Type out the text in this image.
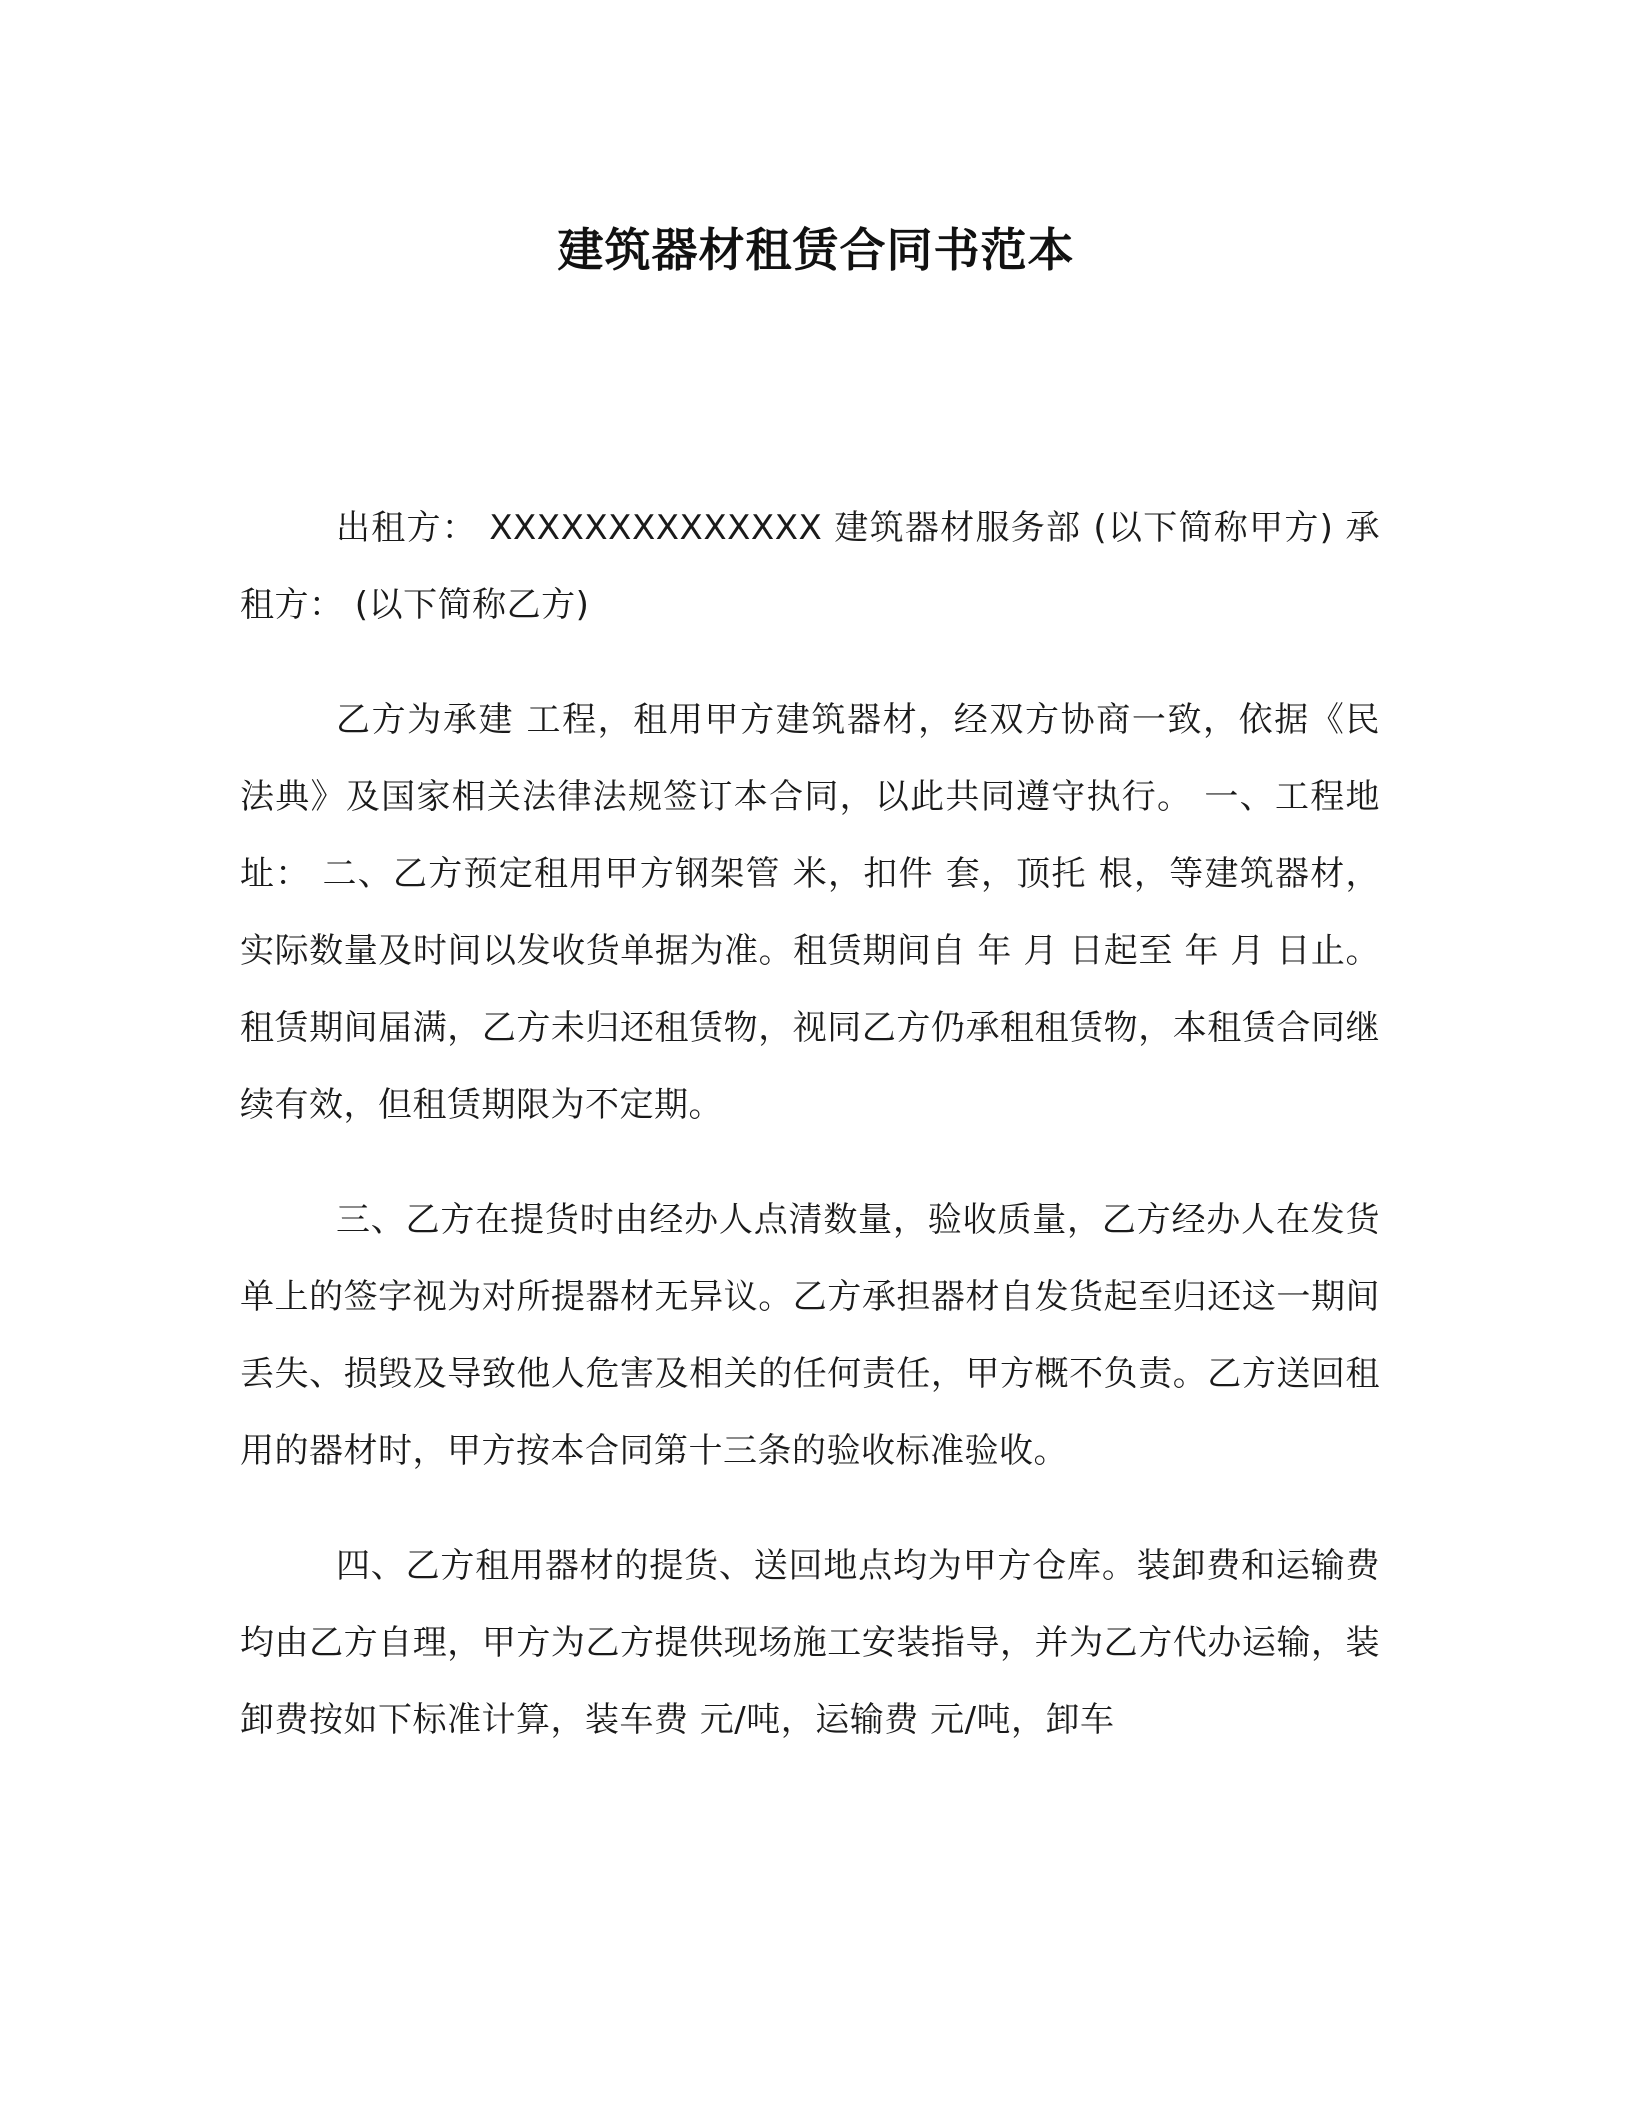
建筑器材租赁合同书范本

出租方： XXXXXXXXXXXXXX 建筑器材服务部 (以下简称甲方) 承租方： (以下简称乙方)

乙方为承建 工程，租用甲方建筑器材，经双方协商一致，依据《民法典》及国家相关法律法规签订本合同，以此共同遵守执行。 一、工程地址： 二、乙方预定租用甲方钢架管 米，扣件 套，顶托 根，等建筑器材，实际数量及时间以发收货单据为准。租赁期间自 年 月 日起至 年 月 日止。租赁期间届满，乙方未归还租赁物，视同乙方仍承租租赁物，本租赁合同继续有效，但租赁期限为不定期。

三、乙方在提货时由经办人点清数量，验收质量，乙方经办人在发货单上的签字视为对所提器材无异议。乙方承担器材自发货起至归还这一期间丢失、损毁及导致他人危害及相关的任何责任，甲方概不负责。乙方送回租用的器材时，甲方按本合同第十三条的验收标准验收。

四、乙方租用器材的提货、送回地点均为甲方仓库。装卸费和运输费均由乙方自理，甲方为乙方提供现场施工安装指导，并为乙方代办运输，装卸费按如下标准计算，装车费 元/吨，运输费 元/吨，卸车
